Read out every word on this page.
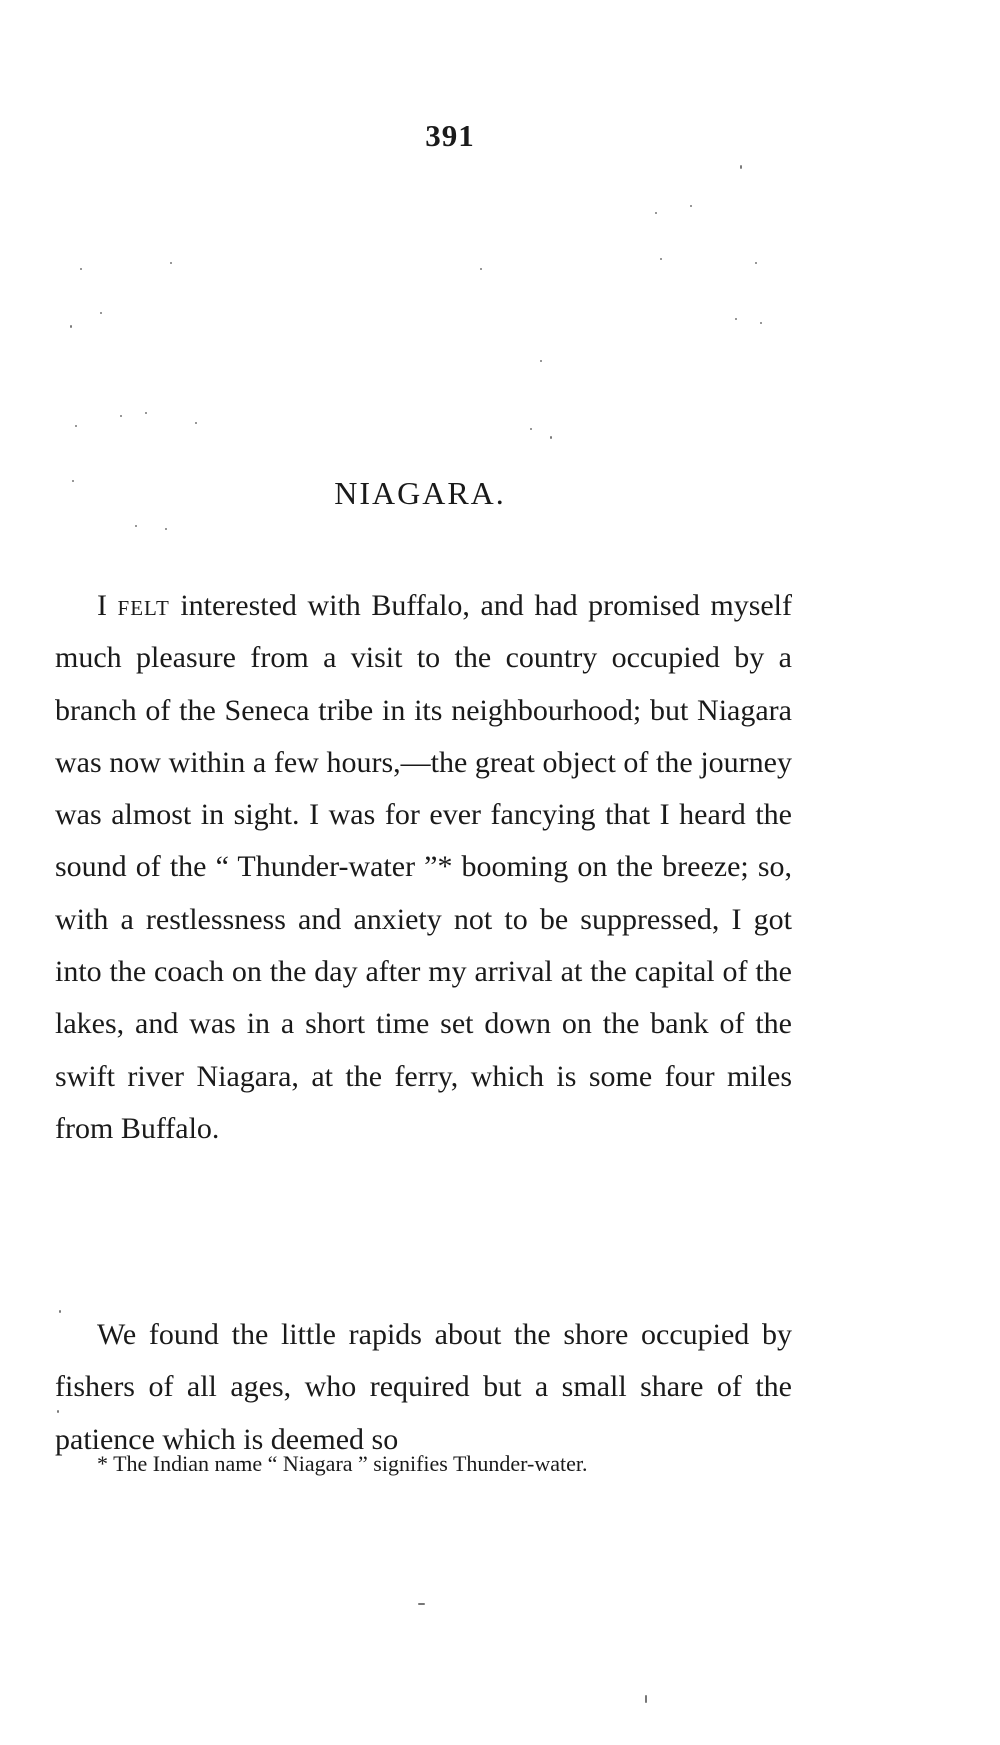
391
NIAGARA.

I felt interested with Buffalo, and had promised myself much pleasure from a visit to the country occupied by a branch of the Seneca tribe in its neighbourhood; but Niagara was now within a few hours,—the great object of the journey was almost in sight. I was for ever fancying that I heard the sound of the “ Thunder-water ”* booming on the breeze; so, with a restlessness and anxiety not to be suppressed, I got into the coach on the day after my arrival at the capital of the lakes, and was in a short time set down on the bank of the swift river Niagara, at the ferry, which is some four miles from Buffalo.

We found the little rapids about the shore occupied by fishers of all ages, who required but a small share of the patience which is deemed so

* The Indian name “ Niagara ” signifies Thunder-water.
